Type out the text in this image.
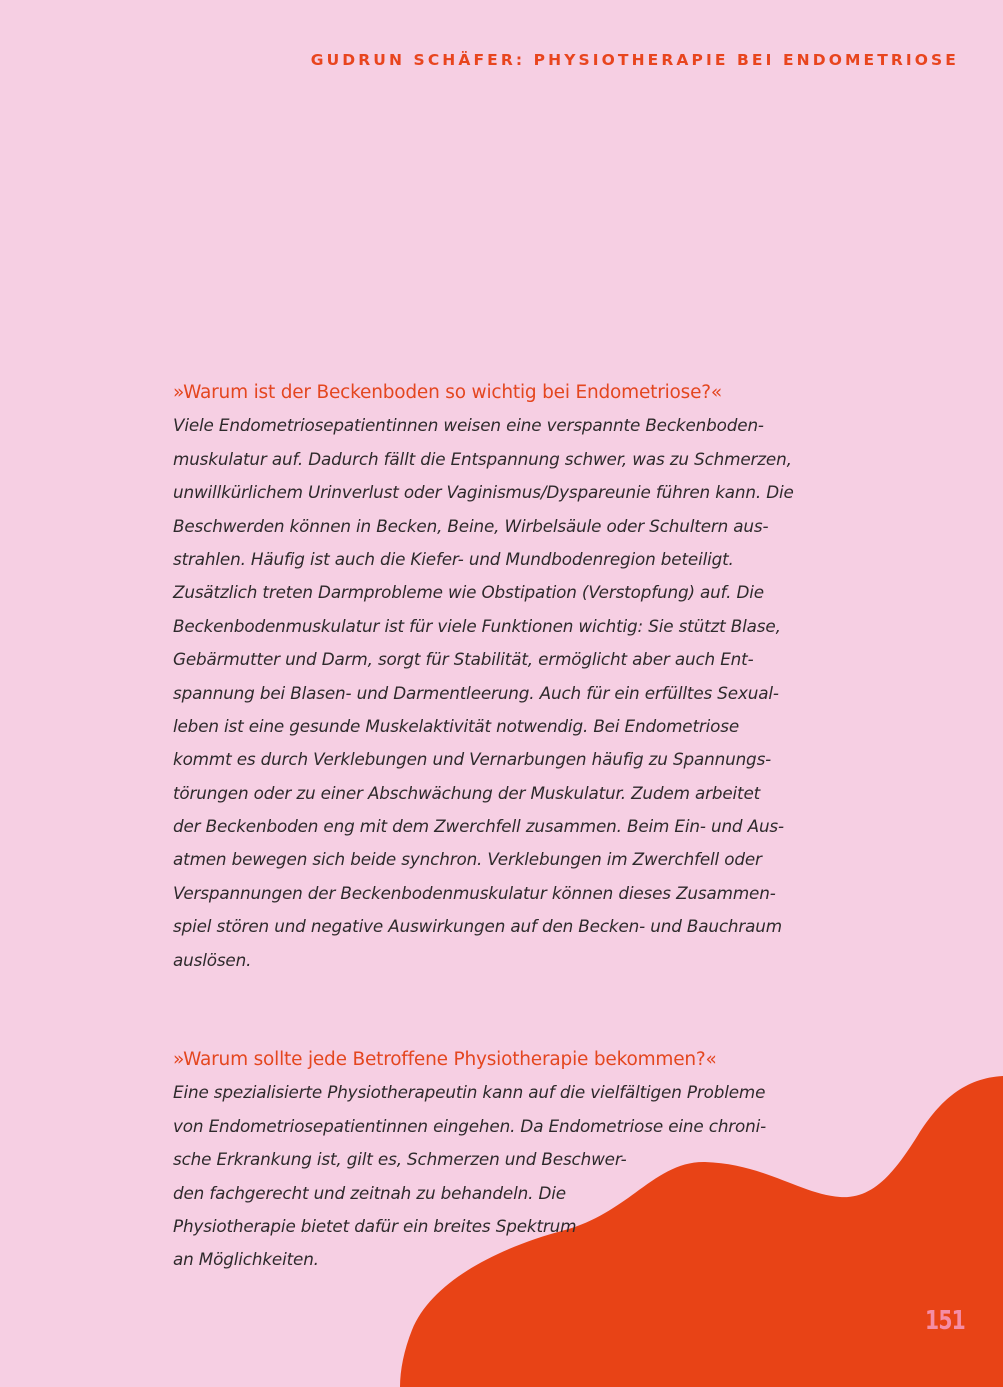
GUDRUN SCHÄFER: PHYSIOTHERAPIE BEI ENDOMETRIOSE
»Warum ist der Beckenboden so wichtig bei Endometriose?«
Viele Endometriosepatientinnen weisen eine verspannte Beckenboden-
muskulatur auf. Dadurch fällt die Entspannung schwer, was zu Schmerzen,
unwillkürlichem Urinverlust oder Vaginismus/Dyspareunie führen kann. Die
Beschwerden können in Becken, Beine, Wirbelsäule oder Schultern aus-
strahlen. Häufig ist auch die Kiefer- und Mundbodenregion beteiligt.
Zusätzlich treten Darmprobleme wie Obstipation (Verstopfung) auf. Die
Beckenbodenmuskulatur ist für viele Funktionen wichtig: Sie stützt Blase,
Gebärmutter und Darm, sorgt für Stabilität, ermöglicht aber auch Ent-
spannung bei Blasen- und Darmentleerung. Auch für ein erfülltes Sexual-
leben ist eine gesunde Muskelaktivität notwendig. Bei Endometriose
kommt es durch Verklebungen und Vernarbungen häufig zu Spannungs-
törungen oder zu einer Abschwächung der Muskulatur. Zudem arbeitet
der Beckenboden eng mit dem Zwerchfell zusammen. Beim Ein- und Aus-
atmen bewegen sich beide synchron. Verklebungen im Zwerchfell oder
Verspannungen der Beckenbodenmuskulatur können dieses Zusammen-
spiel stören und negative Auswirkungen auf den Becken- und Bauchraum
auslösen.
»Warum sollte jede Betroffene Physiotherapie bekommen?«
Eine spezialisierte Physiotherapeutin kann auf die vielfältigen Probleme
von Endometriosepatientinnen eingehen. Da Endometriose eine chroni-
sche Erkrankung ist, gilt es, Schmerzen und Beschwer-
den fachgerecht und zeitnah zu behandeln. Die
Physiotherapie bietet dafür ein breites Spektrum
an Möglichkeiten.
151
